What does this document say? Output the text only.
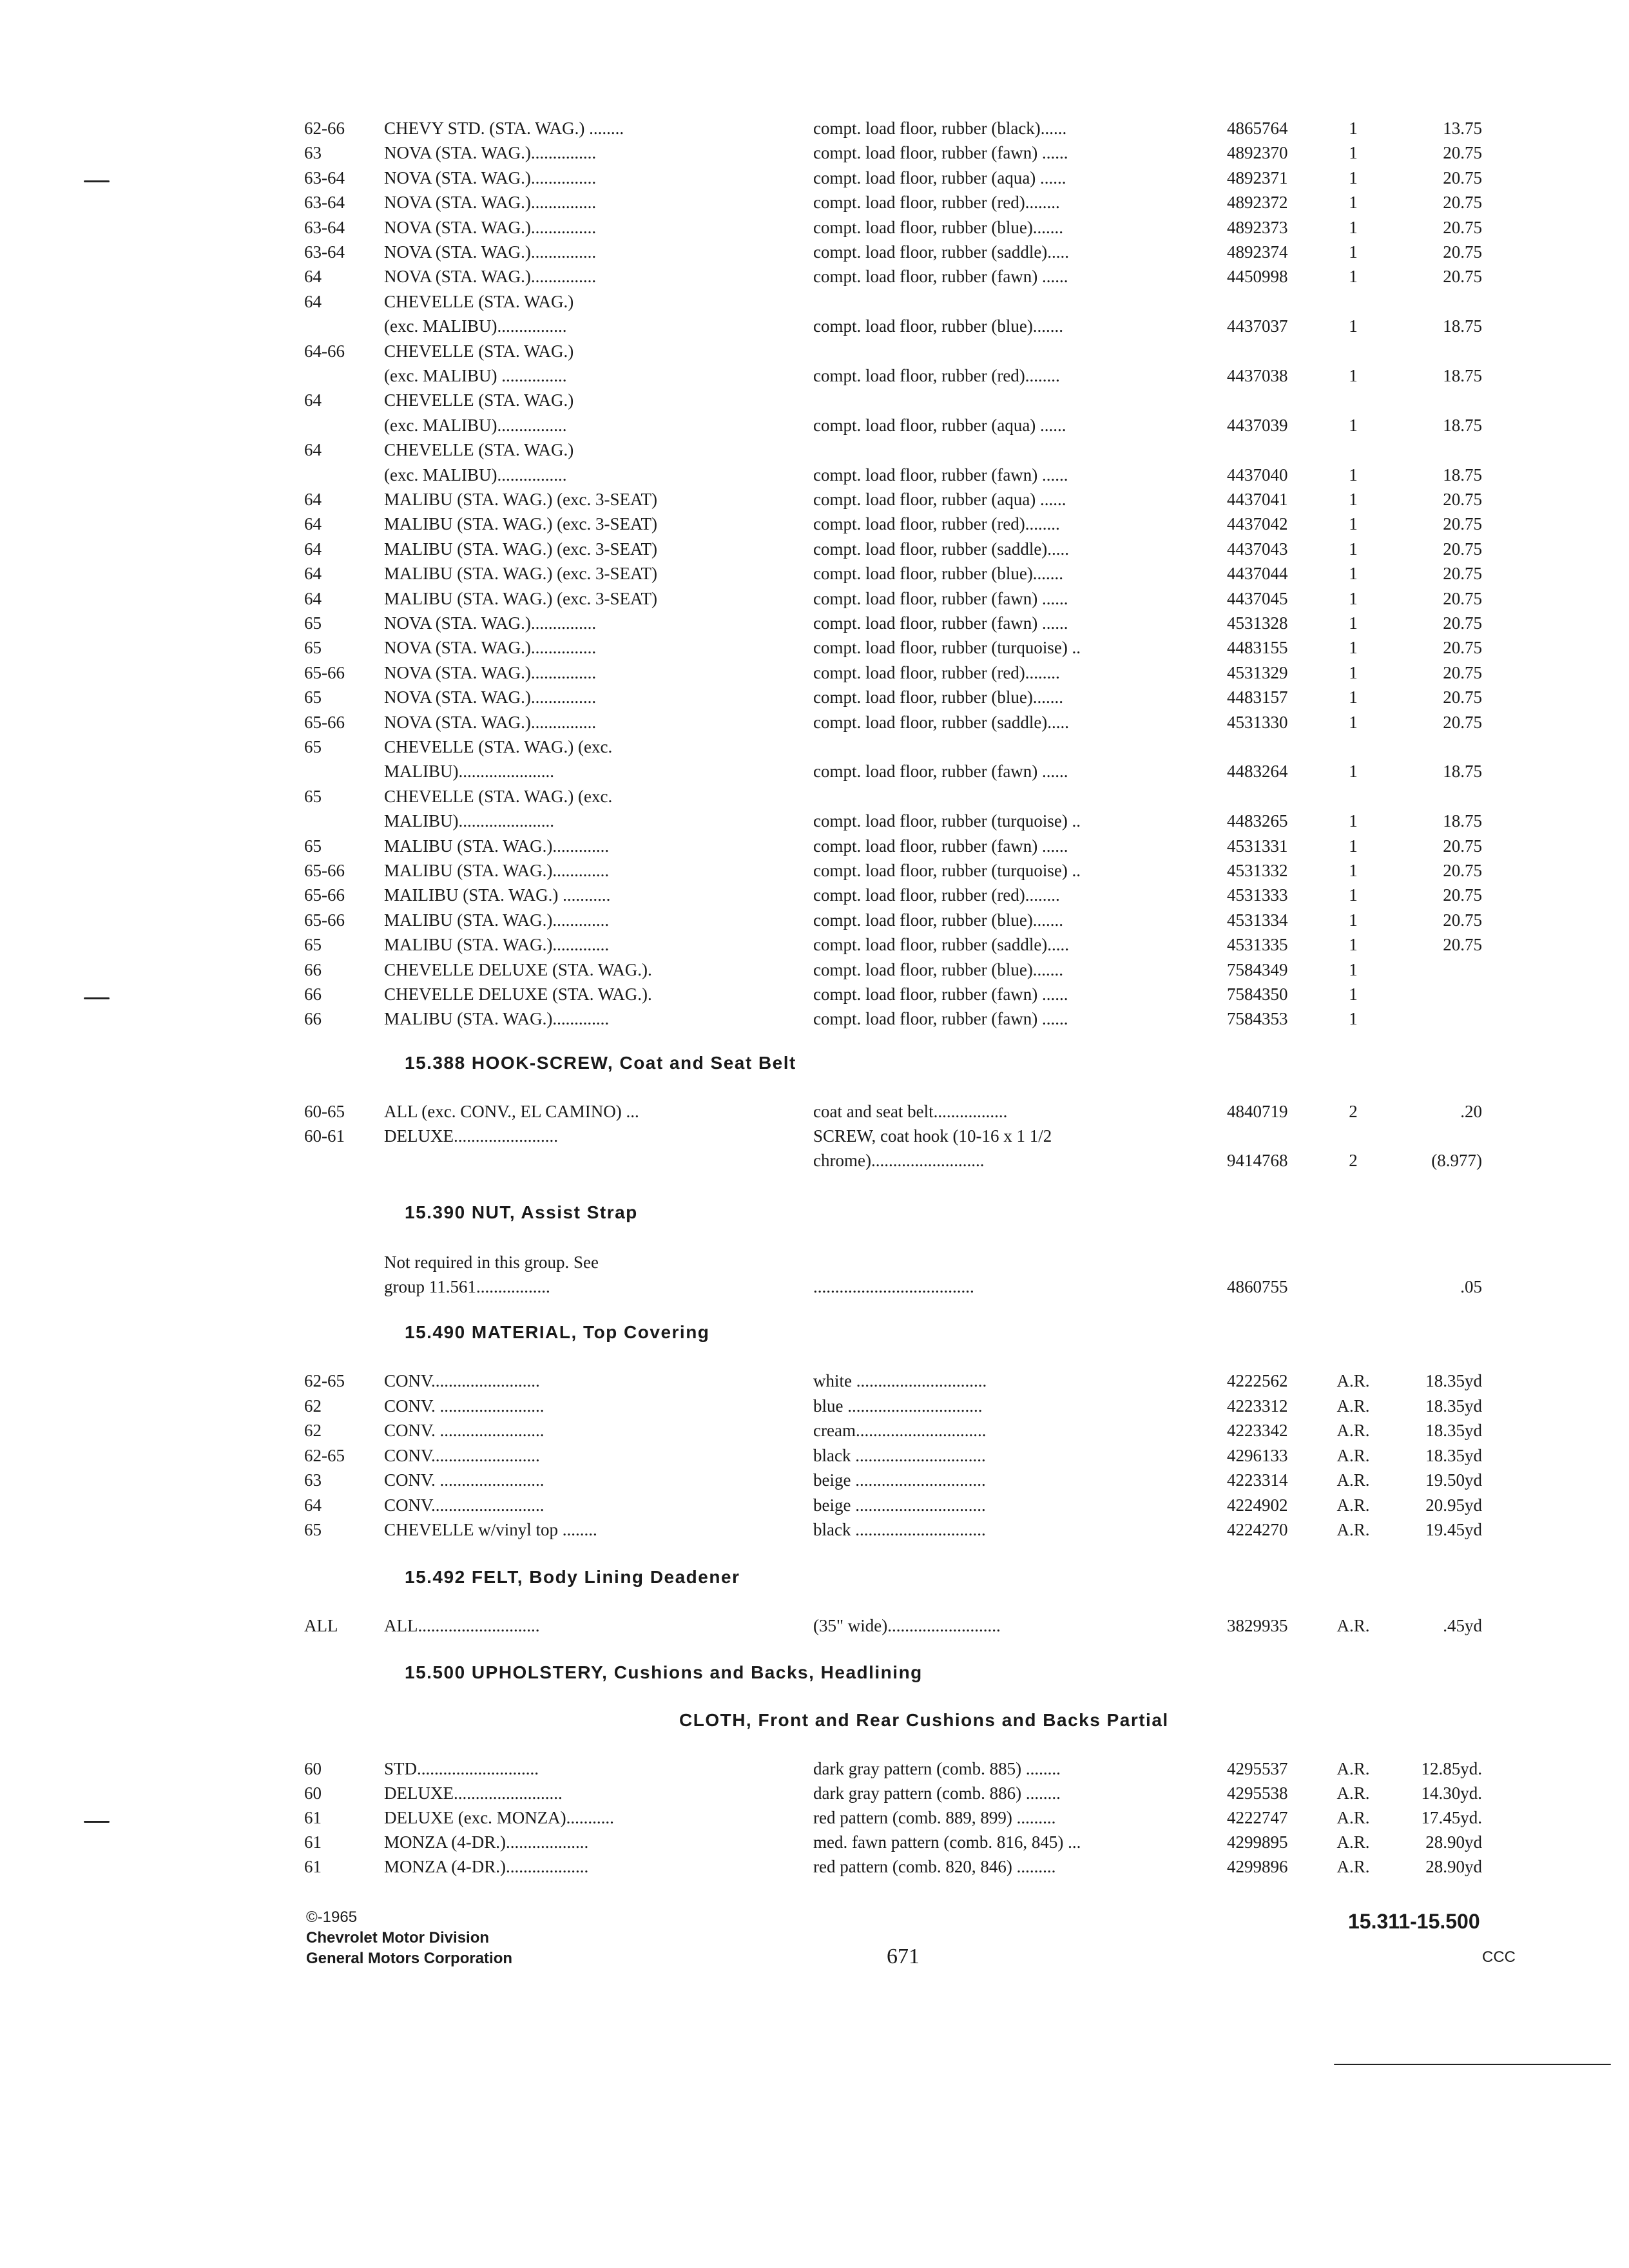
62-66	CHEVY STD. (STA. WAG.) ........	compt. load floor, rubber (black)......	4865764	1	13.75
63	NOVA (STA. WAG.)...............	compt. load floor, rubber (fawn) ......	4892370	1	20.75
63-64	NOVA (STA. WAG.)...............	compt. load floor, rubber (aqua) ......	4892371	1	20.75
63-64	NOVA (STA. WAG.)...............	compt. load floor, rubber (red)........	4892372	1	20.75
63-64	NOVA (STA. WAG.)...............	compt. load floor, rubber (blue).......	4892373	1	20.75
63-64	NOVA (STA. WAG.)...............	compt. load floor, rubber (saddle).....	4892374	1	20.75
64	NOVA (STA. WAG.)...............	compt. load floor, rubber (fawn) ......	4450998	1	20.75
64	CHEVELLE (STA. WAG.)
(exc. MALIBU)................	compt. load floor, rubber (blue).......	4437037	1	18.75
64-66	CHEVELLE (STA. WAG.)
(exc. MALIBU) ...............	compt. load floor, rubber (red)........	4437038	1	18.75
64	CHEVELLE (STA. WAG.)
(exc. MALIBU)................	compt. load floor, rubber (aqua) ......	4437039	1	18.75
64	CHEVELLE (STA. WAG.)
(exc. MALIBU)................	compt. load floor, rubber (fawn) ......	4437040	1	18.75
64	MALIBU (STA. WAG.) (exc. 3-SEAT)	compt. load floor, rubber (aqua) ......	4437041	1	20.75
64	MALIBU (STA. WAG.) (exc. 3-SEAT)	compt. load floor, rubber (red)........	4437042	1	20.75
64	MALIBU (STA. WAG.) (exc. 3-SEAT)	compt. load floor, rubber (saddle).....	4437043	1	20.75
64	MALIBU (STA. WAG.) (exc. 3-SEAT)	compt. load floor, rubber (blue).......	4437044	1	20.75
64	MALIBU (STA. WAG.) (exc. 3-SEAT)	compt. load floor, rubber (fawn) ......	4437045	1	20.75
65	NOVA (STA. WAG.)...............	compt. load floor, rubber (fawn) ......	4531328	1	20.75
65	NOVA (STA. WAG.)...............	compt. load floor, rubber (turquoise) ..	4483155	1	20.75
65-66	NOVA (STA. WAG.)...............	compt. load floor, rubber (red)........	4531329	1	20.75
65	NOVA (STA. WAG.)...............	compt. load floor, rubber (blue).......	4483157	1	20.75
65-66	NOVA (STA. WAG.)...............	compt. load floor, rubber (saddle).....	4531330	1	20.75
65	CHEVELLE (STA. WAG.) (exc.
MALIBU)......................	compt. load floor, rubber (fawn) ......	4483264	1	18.75
65	CHEVELLE (STA. WAG.) (exc.
MALIBU)......................	compt. load floor, rubber (turquoise) ..	4483265	1	18.75
65	MALIBU (STA. WAG.).............	compt. load floor, rubber (fawn) ......	4531331	1	20.75
65-66	MALIBU (STA. WAG.).............	compt. load floor, rubber (turquoise) ..	4531332	1	20.75
65-66	MAILIBU (STA. WAG.) ...........	compt. load floor, rubber (red)........	4531333	1	20.75
65-66	MALIBU (STA. WAG.).............	compt. load floor, rubber (blue).......	4531334	1	20.75
65	MALIBU (STA. WAG.).............	compt. load floor, rubber (saddle).....	4531335	1	20.75
66	CHEVELLE DELUXE (STA. WAG.).	compt. load floor, rubber (blue).......	7584349	1
66	CHEVELLE DELUXE (STA. WAG.).	compt. load floor, rubber (fawn) ......	7584350	1
66	MALIBU (STA. WAG.).............	compt. load floor, rubber (fawn) ......	7584353	1
15.388 HOOK-SCREW, Coat and Seat Belt
60-65	ALL (exc. CONV., EL CAMINO) ...	coat and seat belt.................	4840719	2	.20
60-61	DELUXE........................	SCREW, coat hook (10-16 x 1 1/2
chrome)..........................	9414768	2	(8.977)
15.390 NUT, Assist Strap
Not required in this group. See
group 11.561.................	.....................................	4860755	.05
15.490 MATERIAL, Top Covering
62-65	CONV.........................	white ..............................	4222562	A.R.	18.35yd
62	CONV. ........................	blue ...............................	4223312	A.R.	18.35yd
62	CONV. ........................	cream..............................	4223342	A.R.	18.35yd
62-65	CONV.........................	black ..............................	4296133	A.R.	18.35yd
63	CONV. ........................	beige ..............................	4223314	A.R.	19.50yd
64	CONV..........................	beige ..............................	4224902	A.R.	20.95yd
65	CHEVELLE w/vinyl top ........	black ..............................	4224270	A.R.	19.45yd
15.492 FELT, Body Lining Deadener
ALL	ALL............................	(35" wide)..........................	3829935	A.R.	.45yd
15.500 UPHOLSTERY, Cushions and Backs, Headlining
CLOTH, Front and Rear Cushions and Backs Partial
60	STD............................	dark gray pattern (comb. 885) ........	4295537	A.R.	12.85yd.
60	DELUXE.........................	dark gray pattern (comb. 886) ........	4295538	A.R.	14.30yd.
61	DELUXE (exc. MONZA)...........	red pattern (comb. 889, 899) .........	4222747	A.R.	17.45yd.
61	MONZA (4-DR.)...................	med. fawn pattern (comb. 816, 845) ...	4299895	A.R.	28.90yd
61	MONZA (4-DR.)...................	red pattern (comb. 820, 846) .........	4299896	A.R.	28.90yd
©-1965
Chevrolet Motor Division
General Motors Corporation	671
15.311-15.500
CCC
